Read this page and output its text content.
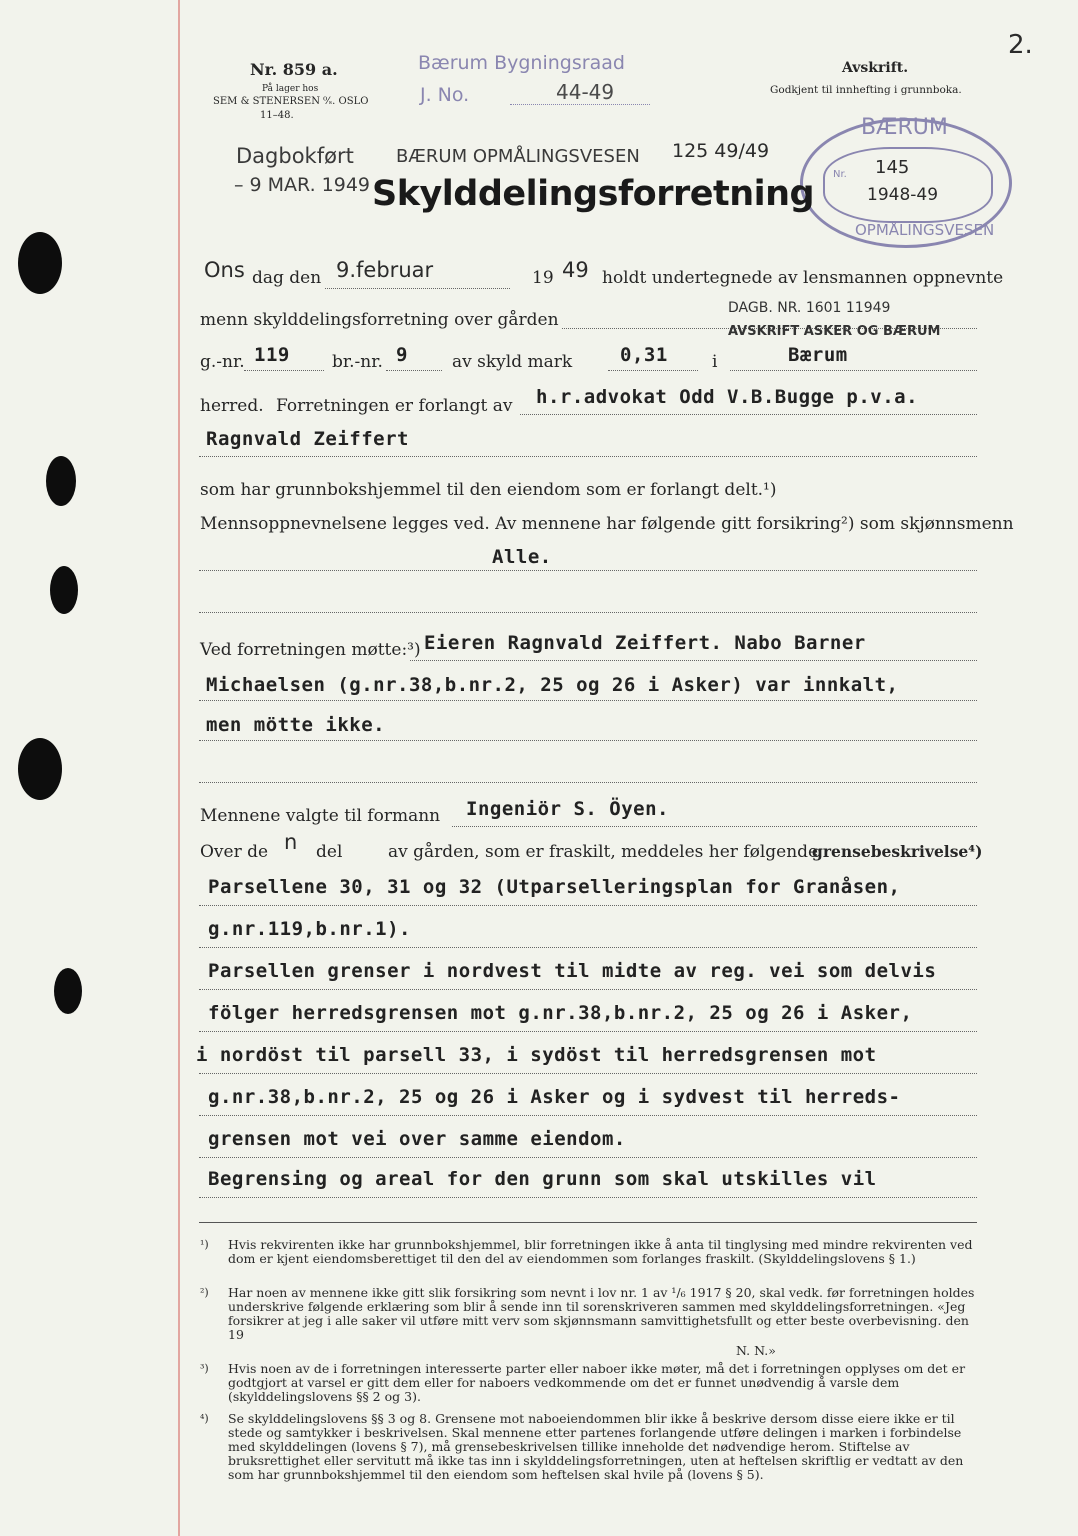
2.
Nr. 859 a.
På lager hos
SEM & STENERSEN ⁰⁄ₛ. OSLO
11–48.
Bærum Bygningsraad
J. No.	44-49
Avskrift.
Godkjent til innhefting i grunnboka.
Dagbokført
– 9 MAR. 1949
BÆRUM OPMÅLINGSVESEN 125 49/49
BÆRUM
Nr. 145
1948-49
OPMÅLINGSVESEN
Skylddelingsforretning
Ons dag den 9.februar	19 49 holdt undertegnede av lensmannen oppnevnte
menn skylddelingsforretning over gården
DAGB. NR. 1601 11949
AVSKRIFT ASKER OG BÆRUM
g.-nr. 119 br.-nr. 9	av skyld mark	0,31	i	Bærum
herred. Forretningen er forlangt av h.r.advokat Odd V.B.Bugge p.v.a.
Ragnvald Zeiffert
som har grunnbokshjemmel til den eiendom som er forlangt delt.¹)
Mennsoppnevnelsene legges ved. Av mennene har følgende gitt forsikring²) som skjønnsmenn
Alle.
Ved forretningen møtte:³) Eieren Ragnvald Zeiffert. Nabo Barner
Michaelsen (g.nr.38,b.nr.2, 25 og 26 i Asker) var innkalt,
men mötte ikke.
Mennene valgte til formann Ingeniör S. Öyen.
Over de n del	av gården, som er fraskilt, meddeles her følgende
grensebeskrivelse⁴)
Parsellene 30, 31 og 32 (Utparselleringsplan for Granåsen,
g.nr.119,b.nr.1).
Parsellen grenser i nordvest til midte av reg. vei som delvis
fölger herredsgrensen mot g.nr.38,b.nr.2, 25 og 26 i Asker,
i nordöst til parsell 33, i sydöst til herredsgrensen mot
g.nr.38,b.nr.2, 25 og 26 i Asker og i sydvest til herreds-
grensen mot vei over samme eiendom.
Begrensing og areal for den grunn som skal utskilles vil
¹) Hvis rekvirenten ikke har grunnbokshjemmel, blir forretningen ikke å anta til tinglysing med mindre rekvirenten ved dom er kjent eiendomsberettiget til den del av eiendommen som forlanges fraskilt. (Skylddelingslovens § 1.)
²) Har noen av mennene ikke gitt slik forsikring som nevnt i lov nr. 1 av ¹/₆ 1917 § 20, skal vedk. før forretningen holdes underskrive følgende erklæring som blir å sende inn til sorenskriveren sammen med skylddelingsforretningen. «Jeg forsikrer at jeg i alle saker vil utføre mitt verv som skjønnsmann samvittighetsfullt og etter beste overbevisning. den 19
N. N.»
³) Hvis noen av de i forretningen interesserte parter eller naboer ikke møter, må det i forretningen opplyses om det er godtgjort at varsel er gitt dem eller for naboers vedkommende om det er funnet unødvendig å varsle dem (skylddelingslovens §§ 2 og 3).
⁴) Se skylddelingslovens §§ 3 og 8. Grensene mot naboeiendommen blir ikke å beskrive dersom disse eiere ikke er til stede og samtykker i beskrivelsen. Skal mennene etter partenes forlangende utføre delingen i marken i forbindelse med skylddelingen (lovens § 7), må grensebeskrivelsen tillike inneholde det nødvendige herom. Stiftelse av bruksrettighet eller servitutt må ikke tas inn i skylddelingsforretningen, uten at heftelsen skriftlig er vedtatt av den som har grunnbokshjemmel til den eiendom som heftelsen skal hvile på (lovens § 5).
